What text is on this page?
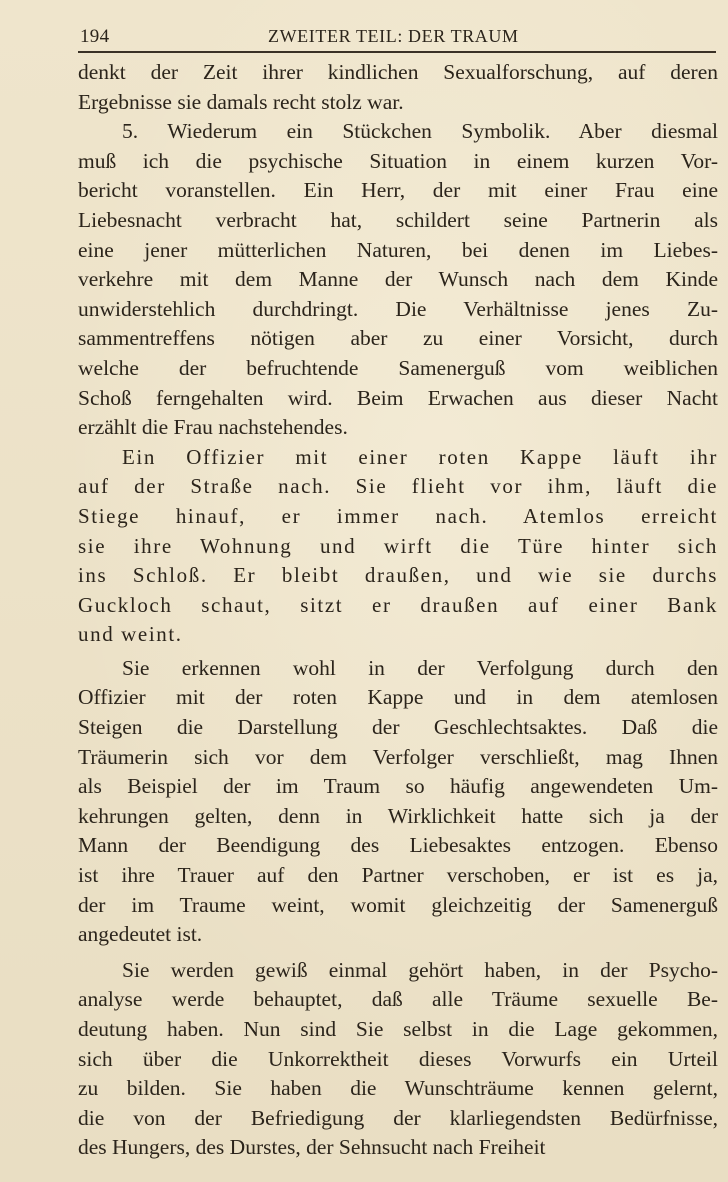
194	ZWEITER TEIL: DER TRAUM
denkt der Zeit ihrer kindlichen Sexualforschung, auf deren
Ergebnisse sie damals recht stolz war.
5. Wiederum ein Stückchen Symbolik. Aber diesmal
muß ich die psychische Situation in einem kurzen Vor-
bericht voranstellen. Ein Herr, der mit einer Frau eine
Liebesnacht verbracht hat, schildert seine Partnerin als
eine jener mütterlichen Naturen, bei denen im Liebes-
verkehre mit dem Manne der Wunsch nach dem Kinde
unwiderstehlich durchdringt. Die Verhältnisse jenes Zu-
sammentreffens nötigen aber zu einer Vorsicht, durch
welche der befruchtende Samenerguß vom weiblichen
Schoß ferngehalten wird. Beim Erwachen aus dieser Nacht
erzählt die Frau nachstehendes.
Ein Offizier mit einer roten Kappe läuft ihr
auf der Straße nach. Sie flieht vor ihm, läuft die
Stiege hinauf, er immer nach. Atemlos erreicht
sie ihre Wohnung und wirft die Türe hinter sich
ins Schloß. Er bleibt draußen, und wie sie durchs
Guckloch schaut, sitzt er draußen auf einer Bank
und weint.
Sie erkennen wohl in der Verfolgung durch den
Offizier mit der roten Kappe und in dem atemlosen
Steigen die Darstellung der Geschlechtsaktes. Daß die
Träumerin sich vor dem Verfolger verschließt, mag Ihnen
als Beispiel der im Traum so häufig angewendeten Um-
kehrungen gelten, denn in Wirklichkeit hatte sich ja der
Mann der Beendigung des Liebesaktes entzogen. Ebenso
ist ihre Trauer auf den Partner verschoben, er ist es ja,
der im Traume weint, womit gleichzeitig der Samenerguß
angedeutet ist.
Sie werden gewiß einmal gehört haben, in der Psycho-
analyse werde behauptet, daß alle Träume sexuelle Be-
deutung haben. Nun sind Sie selbst in die Lage gekommen,
sich über die Unkorrektheit dieses Vorwurfs ein Urteil
zu bilden. Sie haben die Wunschträume kennen gelernt,
die von der Befriedigung der klarliegendsten Bedürfnisse,
des Hungers, des Durstes, der Sehnsucht nach Freiheit
